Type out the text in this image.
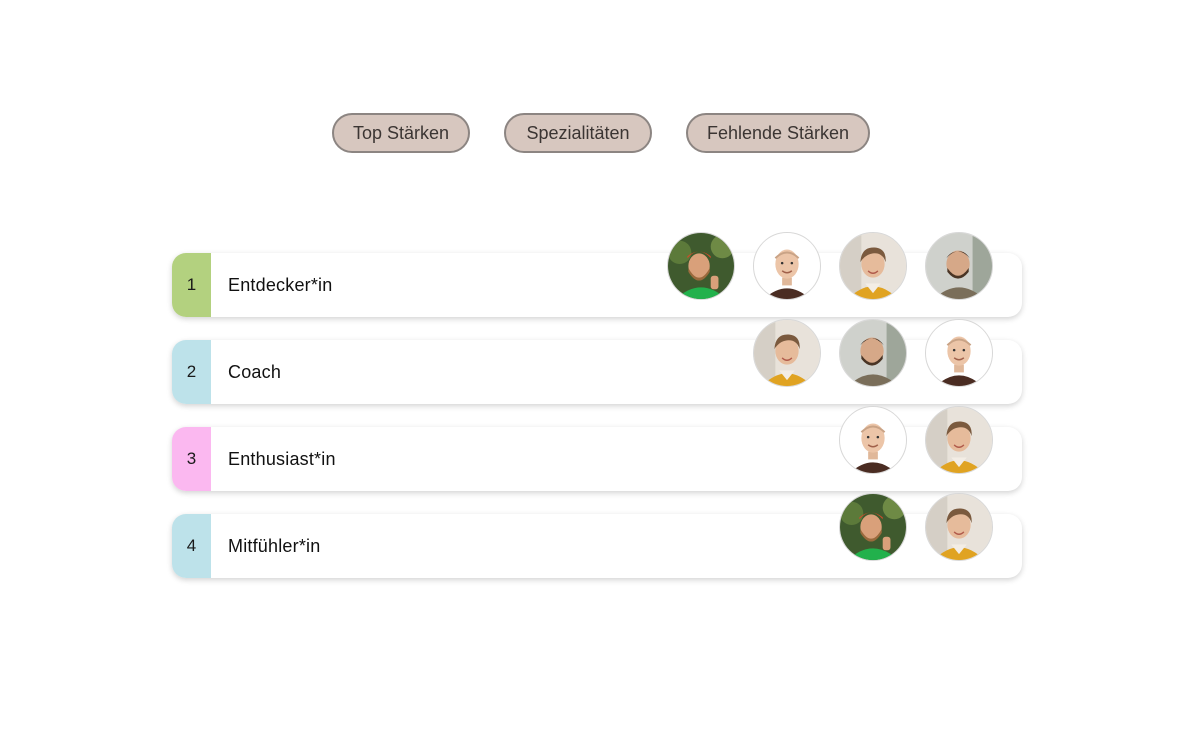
Top Stärken	Spezialitäten	Fehlende Stärken
1	Entdecker*in
2	Coach
3	Enthusiast*in
4	Mitfühler*in
